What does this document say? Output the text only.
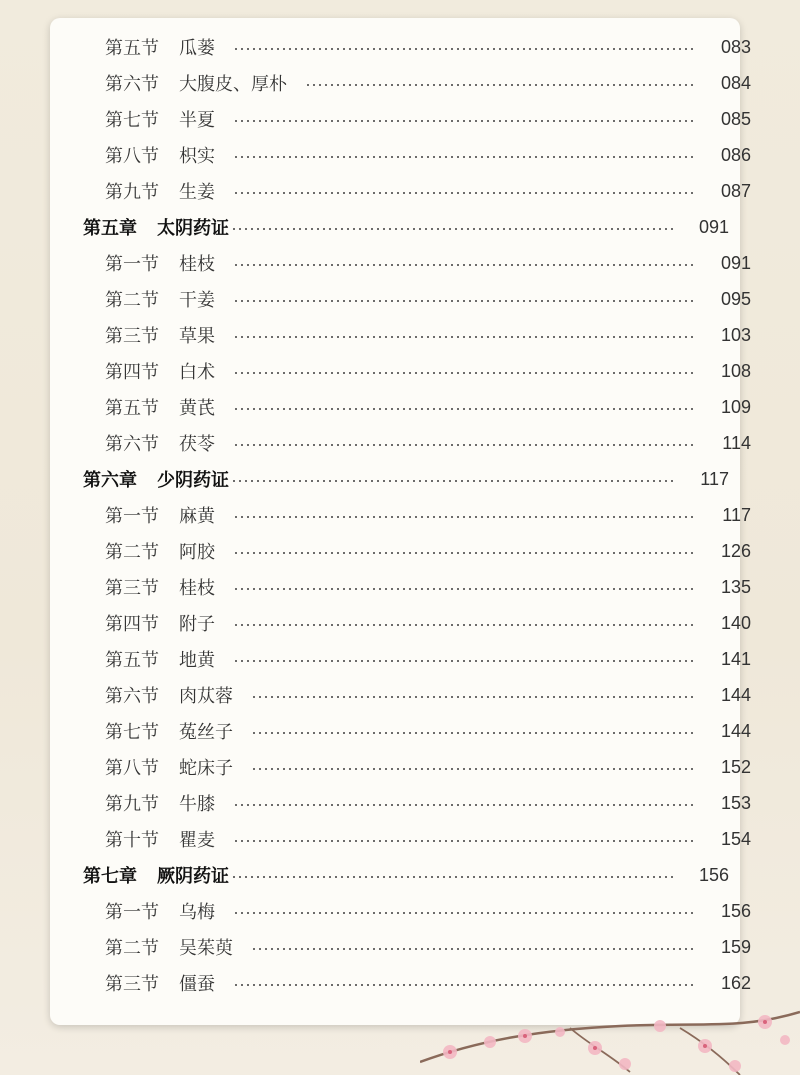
第五节 瓜蒌	083
第六节 大腹皮、厚朴	084
第七节 半夏	085
第八节 枳实	086
第九节 生姜	087
第五章 太阴药证	091
第一节 桂枝	091
第二节 干姜	095
第三节 草果	103
第四节 白术	108
第五节 黄芪	109
第六节 茯苓	114
第六章 少阴药证	117
第一节 麻黄	117
第二节 阿胶	126
第三节 桂枝	135
第四节 附子	140
第五节 地黄	141
第六节 肉苁蓉	144
第七节 菟丝子	144
第八节 蛇床子	152
第九节 牛膝	153
第十节 瞿麦	154
第七章 厥阴药证	156
第一节 乌梅	156
第二节 吴茱萸	159
第三节 僵蚕	162
